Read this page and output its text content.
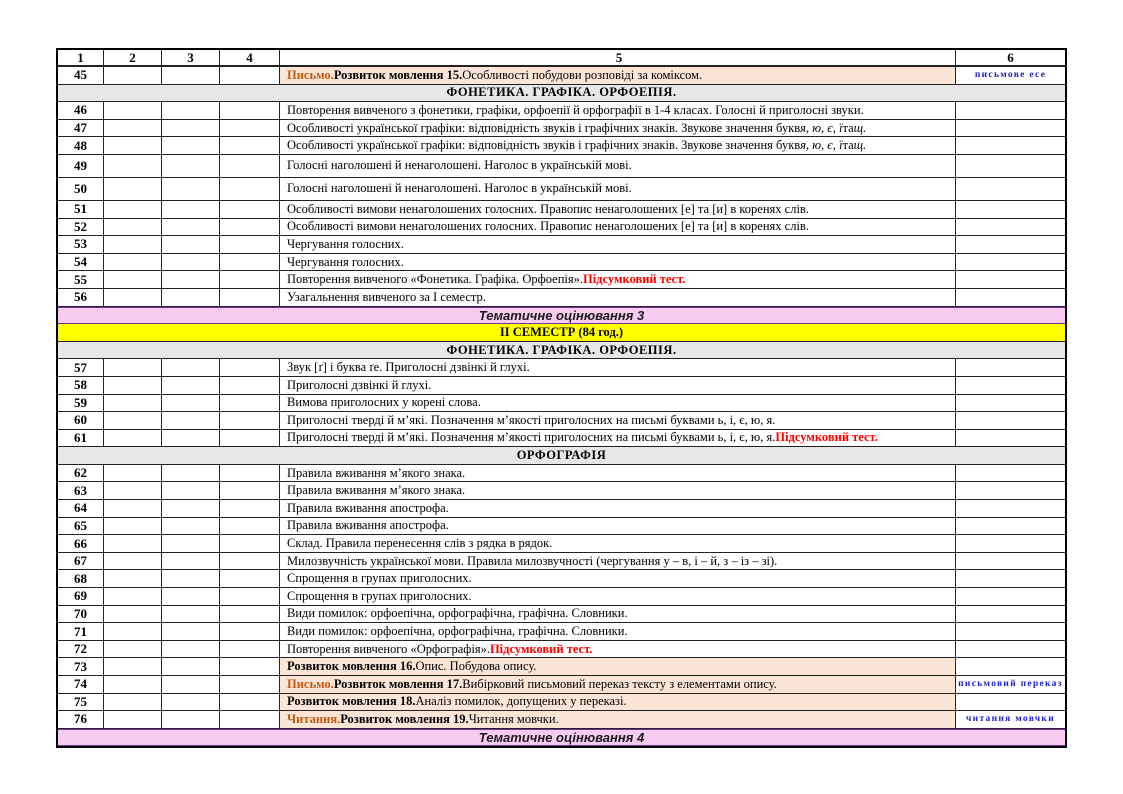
1	2	3	4	5	6
45	Письмо. Розвиток мовлення 15. Особливості побудови розповіді за коміксом.	письмове есе
ФОНЕТИКА. ГРАФІКА. ОРФОЕПІЯ.
46	Повторення вивченого з фонетики, графіки, орфоепії й орфографії в 1-4 класах. Голосні й приголосні звуки.
47	Особливості української графіки: відповідність звуків і графічних знаків. Звукове значення букв я, ю, є, ї та щ.
48	Особливості української графіки: відповідність звуків і графічних знаків. Звукове значення букв я, ю, є, ї та щ.
49	Голосні наголошені й ненаголошені. Наголос в українській мові.
50	Голосні наголошені й ненаголошені. Наголос в українській мові.
51	Особливості вимови ненаголошених голосних. Правопис ненаголошених [е] та [и] в коренях слів.
52	Особливості вимови ненаголошених голосних. Правопис ненаголошених [е] та [и] в коренях слів.
53	Чергування голосних.
54	Чергування голосних.
55	Повторення вивченого «Фонетика. Графіка. Орфоепія». Підсумковий тест.
56	Узагальнення вивченого за І семестр.
Тематичне оцінювання 3
ІІ СЕМЕСТР (84 год.)
ФОНЕТИКА. ГРАФІКА. ОРФОЕПІЯ.
57	Звук [ґ] і буква ґе. Приголосні дзвінкі й глухі.
58	Приголосні дзвінкі й глухі.
59	Вимова приголосних у корені слова.
60	Приголосні тверді й м’які. Позначення м’якості приголосних на письмі буквами ь, і, є, ю, я.
61	Приголосні тверді й м’які. Позначення м’якості приголосних на письмі буквами ь, і, є, ю, я. Підсумковий тест.
ОРФОГРАФІЯ
62	Правила вживання м’якого знака.
63	Правила вживання м’якого знака.
64	Правила вживання апострофа.
65	Правила вживання апострофа.
66	Склад. Правила перенесення слів з рядка в рядок.
67	Милозвучність української мови. Правила милозвучності (чергування у – в, і – й, з – із – зі).
68	Спрощення в групах приголосних.
69	Спрощення в групах приголосних.
70	Види помилок: орфоепічна, орфографічна, графічна. Словники.
71	Види помилок: орфоепічна, орфографічна, графічна. Словники.
72	Повторення вивченого «Орфографія». Підсумковий тест.
73	Розвиток мовлення 16. Опис. Побудова опису.
74	Письмо. Розвиток мовлення 17. Вибірковий письмовий переказ тексту з елементами опису.	письмовий переказ
75	Розвиток мовлення 18. Аналіз помилок, допущених у переказі.
76	Читання. Розвиток мовлення 19. Читання мовчки.	читання мовчки
Тематичне оцінювання 4
